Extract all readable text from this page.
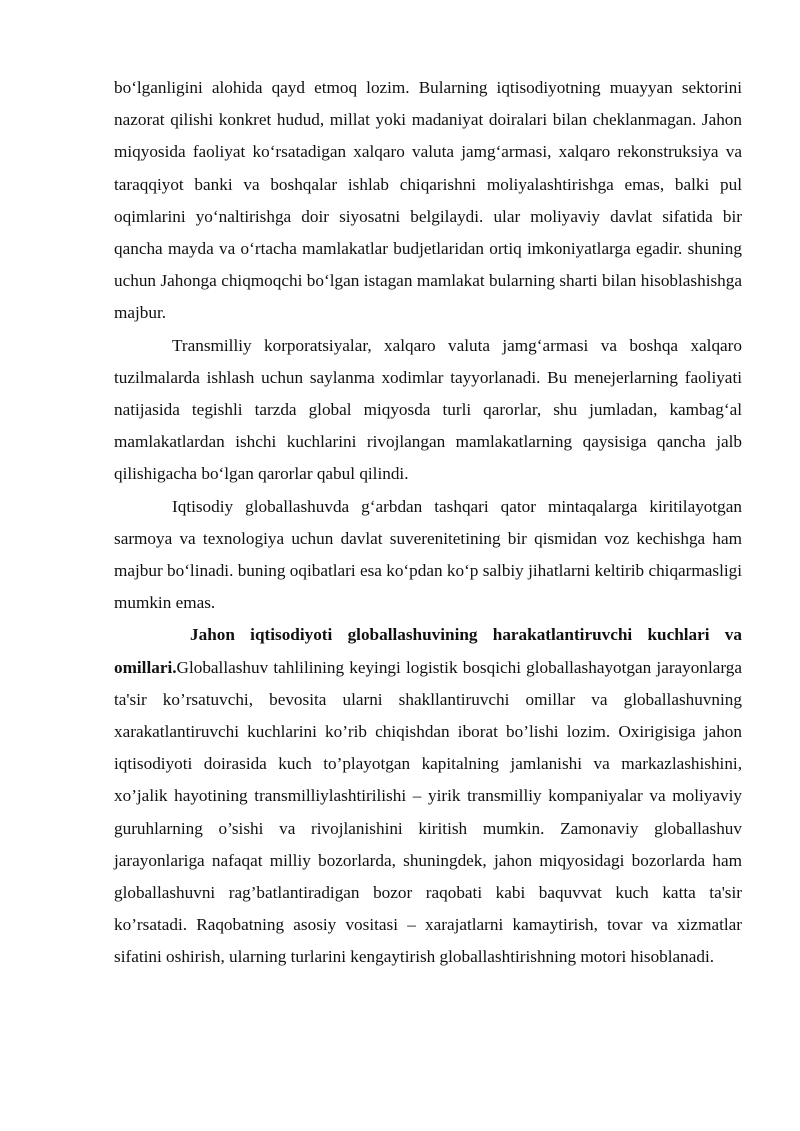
bo‘lganligini alohida qayd etmoq lozim. Bularning iqtisodiyotning muayyan sektorini nazorat qilishi konkret hudud, millat yoki madaniyat doiralari bilan cheklanmagan. Jahon miqyosida faoliyat ko‘rsatadigan xalqaro valuta jamg‘armasi, xalqaro rekonstruksiya va taraqqiyot banki va boshqalar ishlab chiqarishni moliyalashtirishga emas, balki pul oqimlarini yo‘naltirishga doir siyosatni belgilaydi. ular moliyaviy davlat sifatida bir qancha mayda va o‘rtacha mamlakatlar budjetlaridan ortiq imkoniyatlarga egadir. shuning uchun Jahonga chiqmoqchi bo‘lgan istagan mamlakat bularning sharti bilan hisoblashishga majbur.

Transmilliy korporatsiyalar, xalqaro valuta jamg‘armasi va boshqa xalqaro tuzilmalarda ishlash uchun saylanma xodimlar tayyorlanadi. Bu menejerlarning faoliyati natijasida tegishli tarzda global miqyosda turli qarorlar, shu jumladan, kambag‘al mamlakatlardan ishchi kuchlarini rivojlangan mamlakatlarning qaysisiga qancha jalb qilishigacha bo‘lgan qarorlar qabul qilindi.

Iqtisodiy globallashuvda g‘arbdan tashqari qator mintaqalarga kiritilayotgan sarmoya va texnologiya uchun davlat suverenitetining bir qismidan voz kechishga ham majbur bo‘linadi. buning oqibatlari esa ko‘pdan ko‘p salbiy jihatlarni keltirib chiqarmasligi mumkin emas.

Jahon iqtisodiyoti globallashuvining harakatlantiruvchi kuchlari va omillari.Globallashuv tahlilining keyingi logistik bosqichi globallashayotgan jarayonlarga ta'sir ko’rsatuvchi, bevosita ularni shakllantiruvchi omillar va globallashuvning xarakatlantiruvchi kuchlarini ko’rib chiqishdan iborat bo’lishi lozim. Oxirigisiga jahon iqtisodiyoti doirasida kuch to’playotgan kapitalning jamlanishi va markazlashishini, xo’jalik hayotining transmilliylashtirilishi – yirik transmilliy kompaniyalar va moliyaviy guruhlarning o’sishi va rivojlanishini kiritish mumkin. Zamonaviy globallashuv jarayonlariga nafaqat milliy bozorlarda, shuningdek, jahon miqyosidagi bozorlarda ham globallashuvni rag’batlantiradigan bozor raqobati kabi baquvvat kuch katta ta'sir ko’rsatadi. Raqobatning asosiy vositasi – xarajatlarni kamaytirish, tovar va xizmatlar sifatini oshirish, ularning turlarini kengaytirish globallashtirishning motori hisoblanadi.
